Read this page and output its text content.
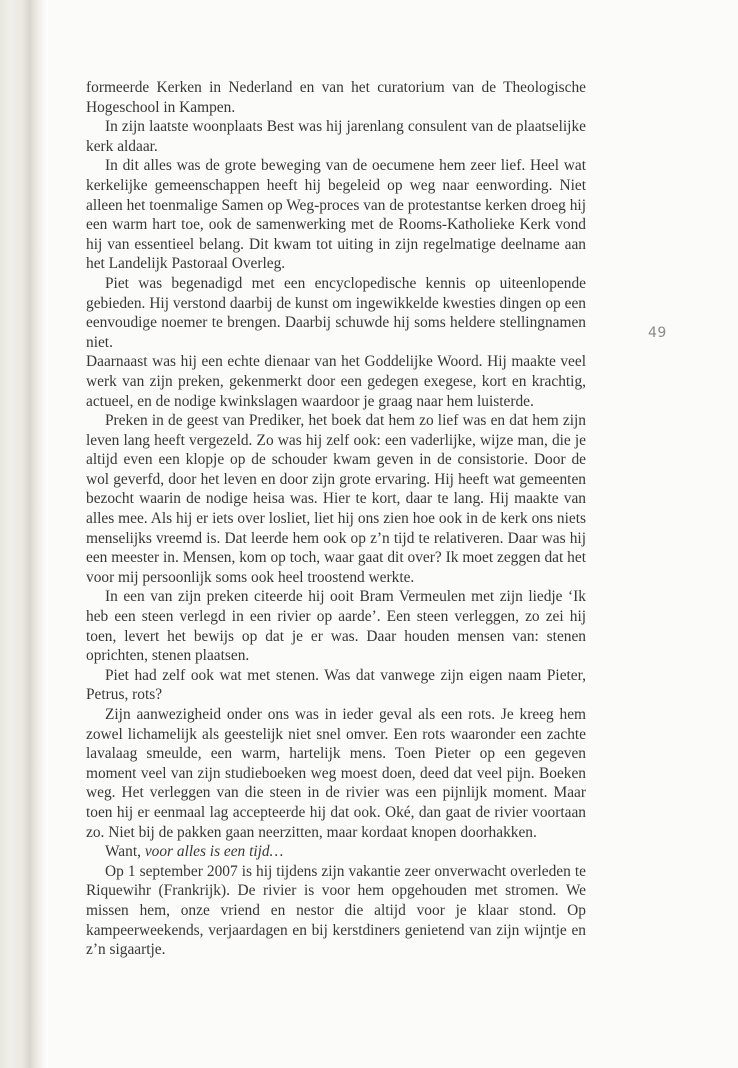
formeerde Kerken in Nederland en van het curatorium van de Theologische Hogeschool in Kampen.

In zijn laatste woonplaats Best was hij jarenlang consulent van de plaatselijke kerk aldaar.

In dit alles was de grote beweging van de oecumene hem zeer lief. Heel wat kerkelijke gemeenschappen heeft hij begeleid op weg naar eenwording. Niet alleen het toenmalige Samen op Weg-proces van de protestantse kerken droeg hij een warm hart toe, ook de samenwerking met de Rooms-Katholieke Kerk vond hij van essentieel belang. Dit kwam tot uiting in zijn regelmatige deelname aan het Landelijk Pastoraal Overleg.

Piet was begenadigd met een encyclopedische kennis op uiteenlopende gebieden. Hij verstond daarbij de kunst om ingewikkelde kwesties dingen op een eenvoudige noemer te brengen. Daarbij schuwde hij soms heldere stellingnamen niet.

Daarnaast was hij een echte dienaar van het Goddelijke Woord. Hij maakte veel werk van zijn preken, gekenmerkt door een gedegen exegese, kort en krachtig, actueel, en de nodige kwinkslagen waardoor je graag naar hem luisterde.

Preken in de geest van Prediker, het boek dat hem zo lief was en dat hem zijn leven lang heeft vergezeld. Zo was hij zelf ook: een vaderlijke, wijze man, die je altijd even een klopje op de schouder kwam geven in de consistorie. Door de wol geverfd, door het leven en door zijn grote ervaring. Hij heeft wat gemeenten bezocht waarin de nodige heisa was. Hier te kort, daar te lang. Hij maakte van alles mee. Als hij er iets over losliet, liet hij ons zien hoe ook in de kerk ons niets menselijks vreemd is. Dat leerde hem ook op z’n tijd te relativeren. Daar was hij een meester in. Mensen, kom op toch, waar gaat dit over? Ik moet zeggen dat het voor mij persoonlijk soms ook heel troostend werkte.

In een van zijn preken citeerde hij ooit Bram Vermeulen met zijn liedje ‘Ik heb een steen verlegd in een rivier op aarde’. Een steen verleggen, zo zei hij toen, levert het bewijs op dat je er was. Daar houden mensen van: stenen oprichten, stenen plaatsen.

Piet had zelf ook wat met stenen. Was dat vanwege zijn eigen naam Pieter, Petrus, rots?

Zijn aanwezigheid onder ons was in ieder geval als een rots. Je kreeg hem zowel lichamelijk als geestelijk niet snel omver. Een rots waaronder een zachte lavalaag smeulde, een warm, hartelijk mens. Toen Pieter op een gegeven moment veel van zijn studieboeken weg moest doen, deed dat veel pijn. Boeken weg. Het verleggen van die steen in de rivier was een pijnlijk moment. Maar toen hij er eenmaal lag accepteerde hij dat ook. Oké, dan gaat de rivier voortaan zo. Niet bij de pakken gaan neerzitten, maar kordaat knopen doorhakken.

Want, voor alles is een tijd…

Op 1 september 2007 is hij tijdens zijn vakantie zeer onverwacht overleden te Riquewihr (Frankrijk). De rivier is voor hem opgehouden met stromen. We missen hem, onze vriend en nestor die altijd voor je klaar stond. Op kampeerweekends, verjaardagen en bij kerstdiners genietend van zijn wijntje en z’n sigaartje.

49
